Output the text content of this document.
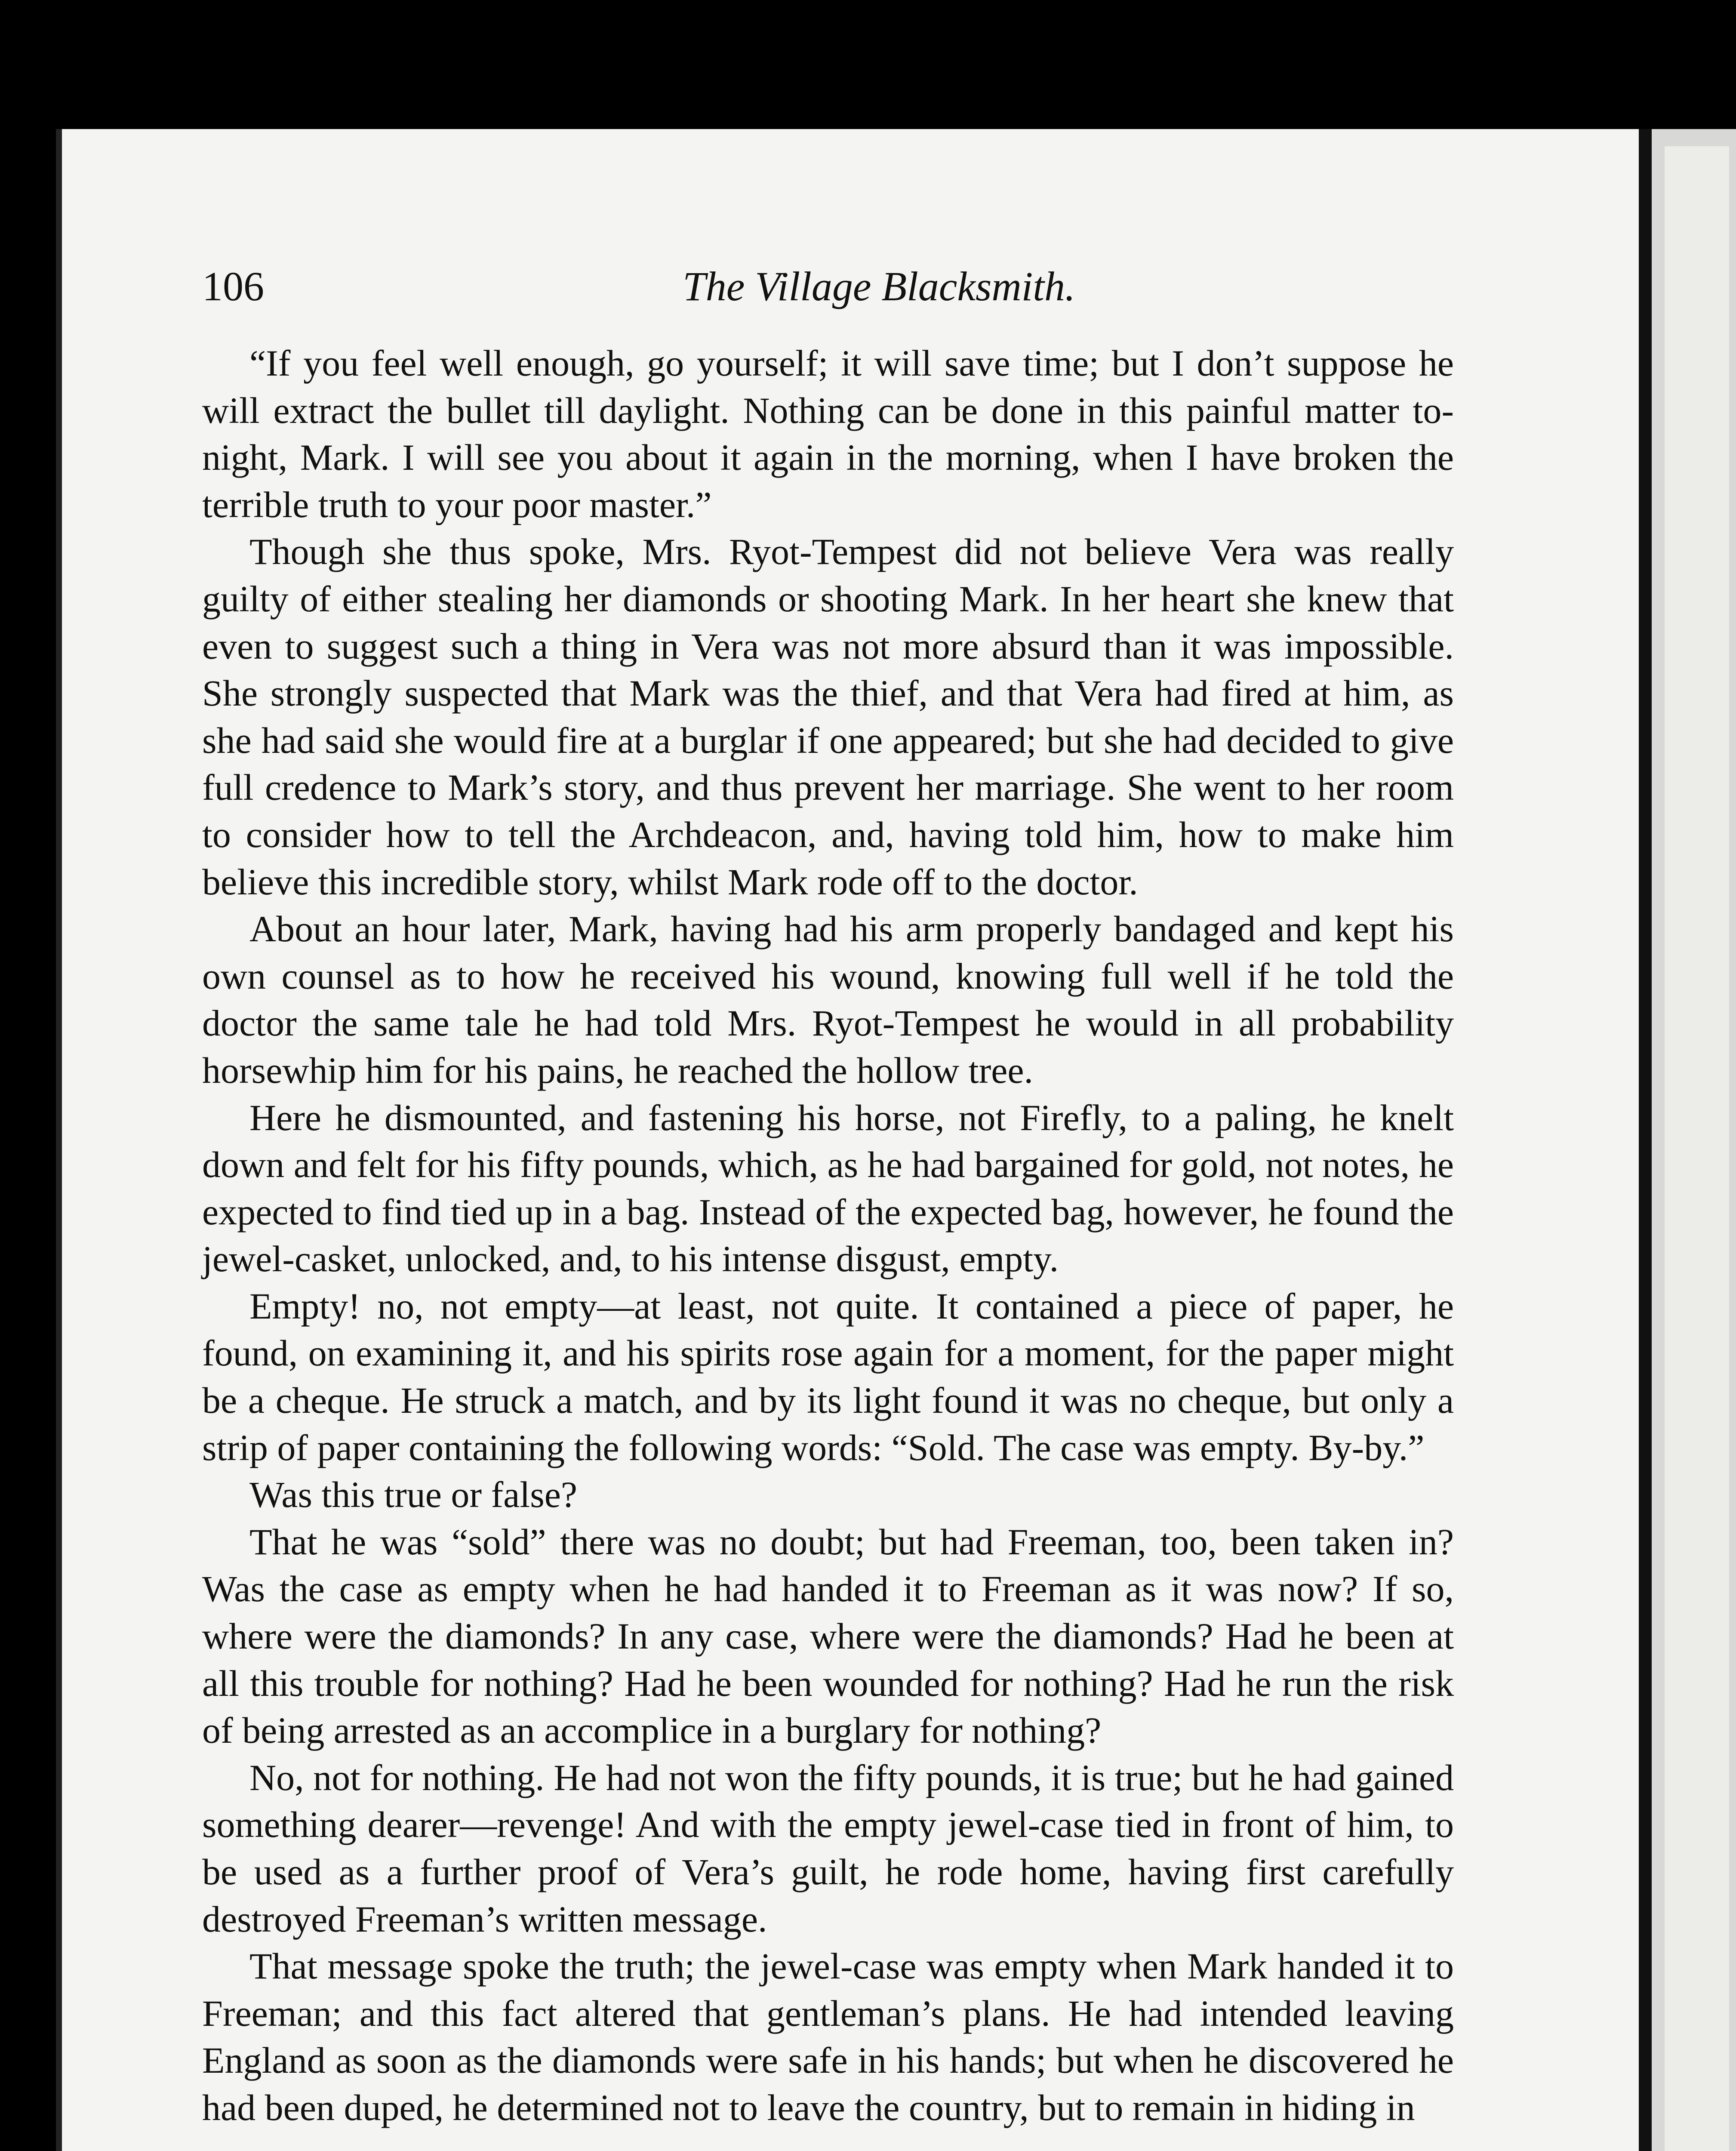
106	The Village Blacksmith.

“If you feel well enough, go yourself; it will save time; but I don’t suppose he will extract the bullet till daylight. Nothing can be done in this painful matter to-night, Mark. I will see you about it again in the morning, when I have broken the terrible truth to your poor master.”

Though she thus spoke, Mrs. Ryot-Tempest did not believe Vera was really guilty of either stealing her diamonds or shooting Mark. In her heart she knew that even to suggest such a thing in Vera was not more absurd than it was impossible. She strongly suspected that Mark was the thief, and that Vera had fired at him, as she had said she would fire at a burglar if one appeared; but she had decided to give full credence to Mark’s story, and thus prevent her marriage. She went to her room to consider how to tell the Archdeacon, and, having told him, how to make him believe this incredible story, whilst Mark rode off to the doctor.

About an hour later, Mark, having had his arm properly bandaged and kept his own counsel as to how he received his wound, knowing full well if he told the doctor the same tale he had told Mrs. Ryot-Tempest he would in all probability horsewhip him for his pains, he reached the hollow tree.

Here he dismounted, and fastening his horse, not Firefly, to a paling, he knelt down and felt for his fifty pounds, which, as he had bargained for gold, not notes, he expected to find tied up in a bag. Instead of the expected bag, however, he found the jewel-casket, unlocked, and, to his intense disgust, empty.

Empty! no, not empty—at least, not quite. It contained a piece of paper, he found, on examining it, and his spirits rose again for a moment, for the paper might be a cheque. He struck a match, and by its light found it was no cheque, but only a strip of paper containing the following words: “Sold. The case was empty. By-by.”

Was this true or false?

That he was “sold” there was no doubt; but had Freeman, too, been taken in? Was the case as empty when he had handed it to Freeman as it was now? If so, where were the diamonds? In any case, where were the diamonds? Had he been at all this trouble for nothing? Had he been wounded for nothing? Had he run the risk of being arrested as an accomplice in a burglary for nothing?

No, not for nothing. He had not won the fifty pounds, it is true; but he had gained something dearer—revenge! And with the empty jewel-case tied in front of him, to be used as a further proof of Vera’s guilt, he rode home, having first carefully destroyed Freeman’s written message.

That message spoke the truth; the jewel-case was empty when Mark handed it to Freeman; and this fact altered that gentleman’s plans. He had intended leaving England as soon as the diamonds were safe in his hands; but when he discovered he had been duped, he determined not to leave the country, but to remain in hiding in
